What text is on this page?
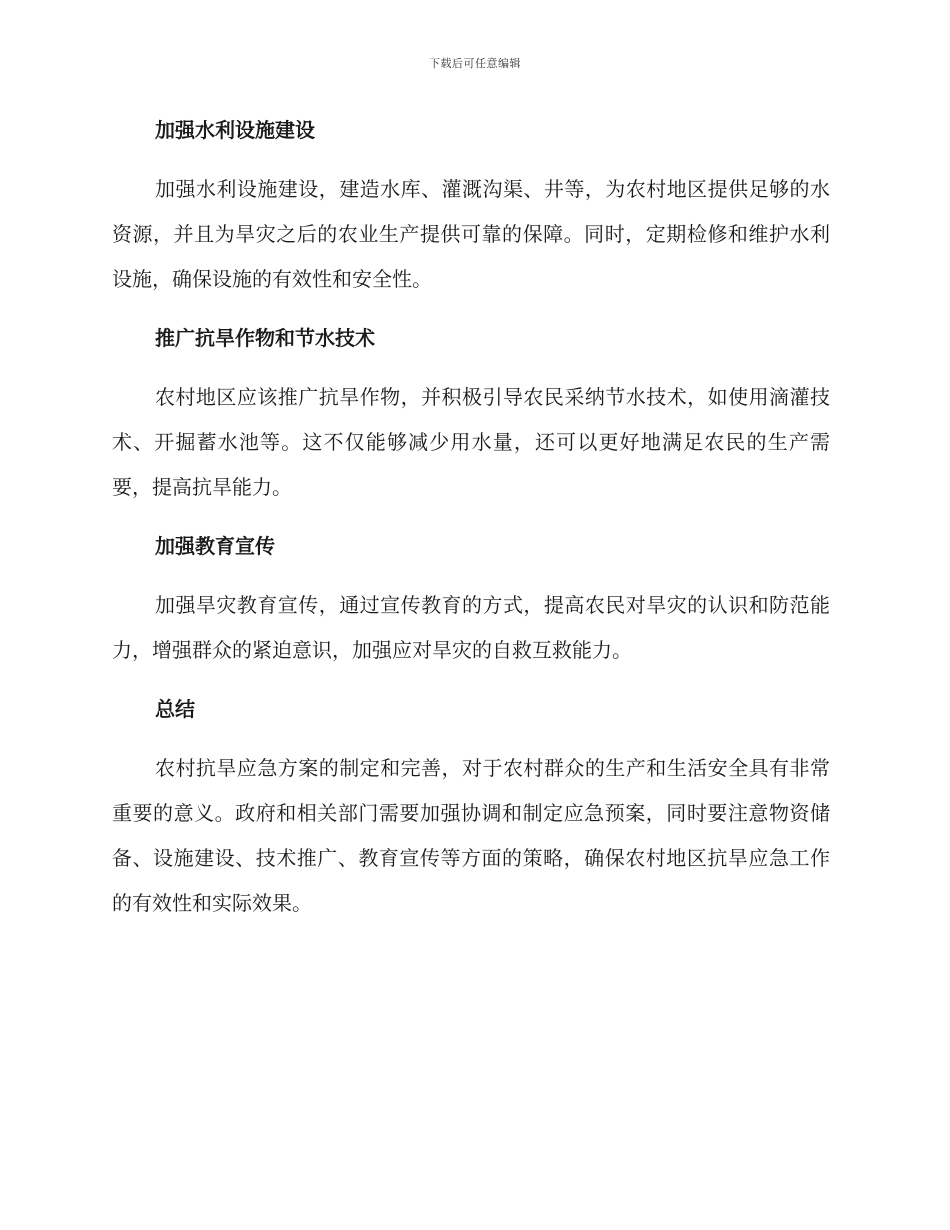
下载后可任意编辑
加强水利设施建设

加强水利设施建设，建造水库、灌溉沟渠、井等，为农村地区提供足够的水资源，并且为旱灾之后的农业生产提供可靠的保障。同时，定期检修和维护水利设施，确保设施的有效性和安全性。

推广抗旱作物和节水技术

农村地区应该推广抗旱作物，并积极引导农民采纳节水技术，如使用滴灌技术、开掘蓄水池等。这不仅能够减少用水量，还可以更好地满足农民的生产需要，提高抗旱能力。

加强教育宣传

加强旱灾教育宣传，通过宣传教育的方式，提高农民对旱灾的认识和防范能力，增强群众的紧迫意识，加强应对旱灾的自救互救能力。

总结

农村抗旱应急方案的制定和完善，对于农村群众的生产和生活安全具有非常重要的意义。政府和相关部门需要加强协调和制定应急预案，同时要注意物资储备、设施建设、技术推广、教育宣传等方面的策略，确保农村地区抗旱应急工作的有效性和实际效果。
